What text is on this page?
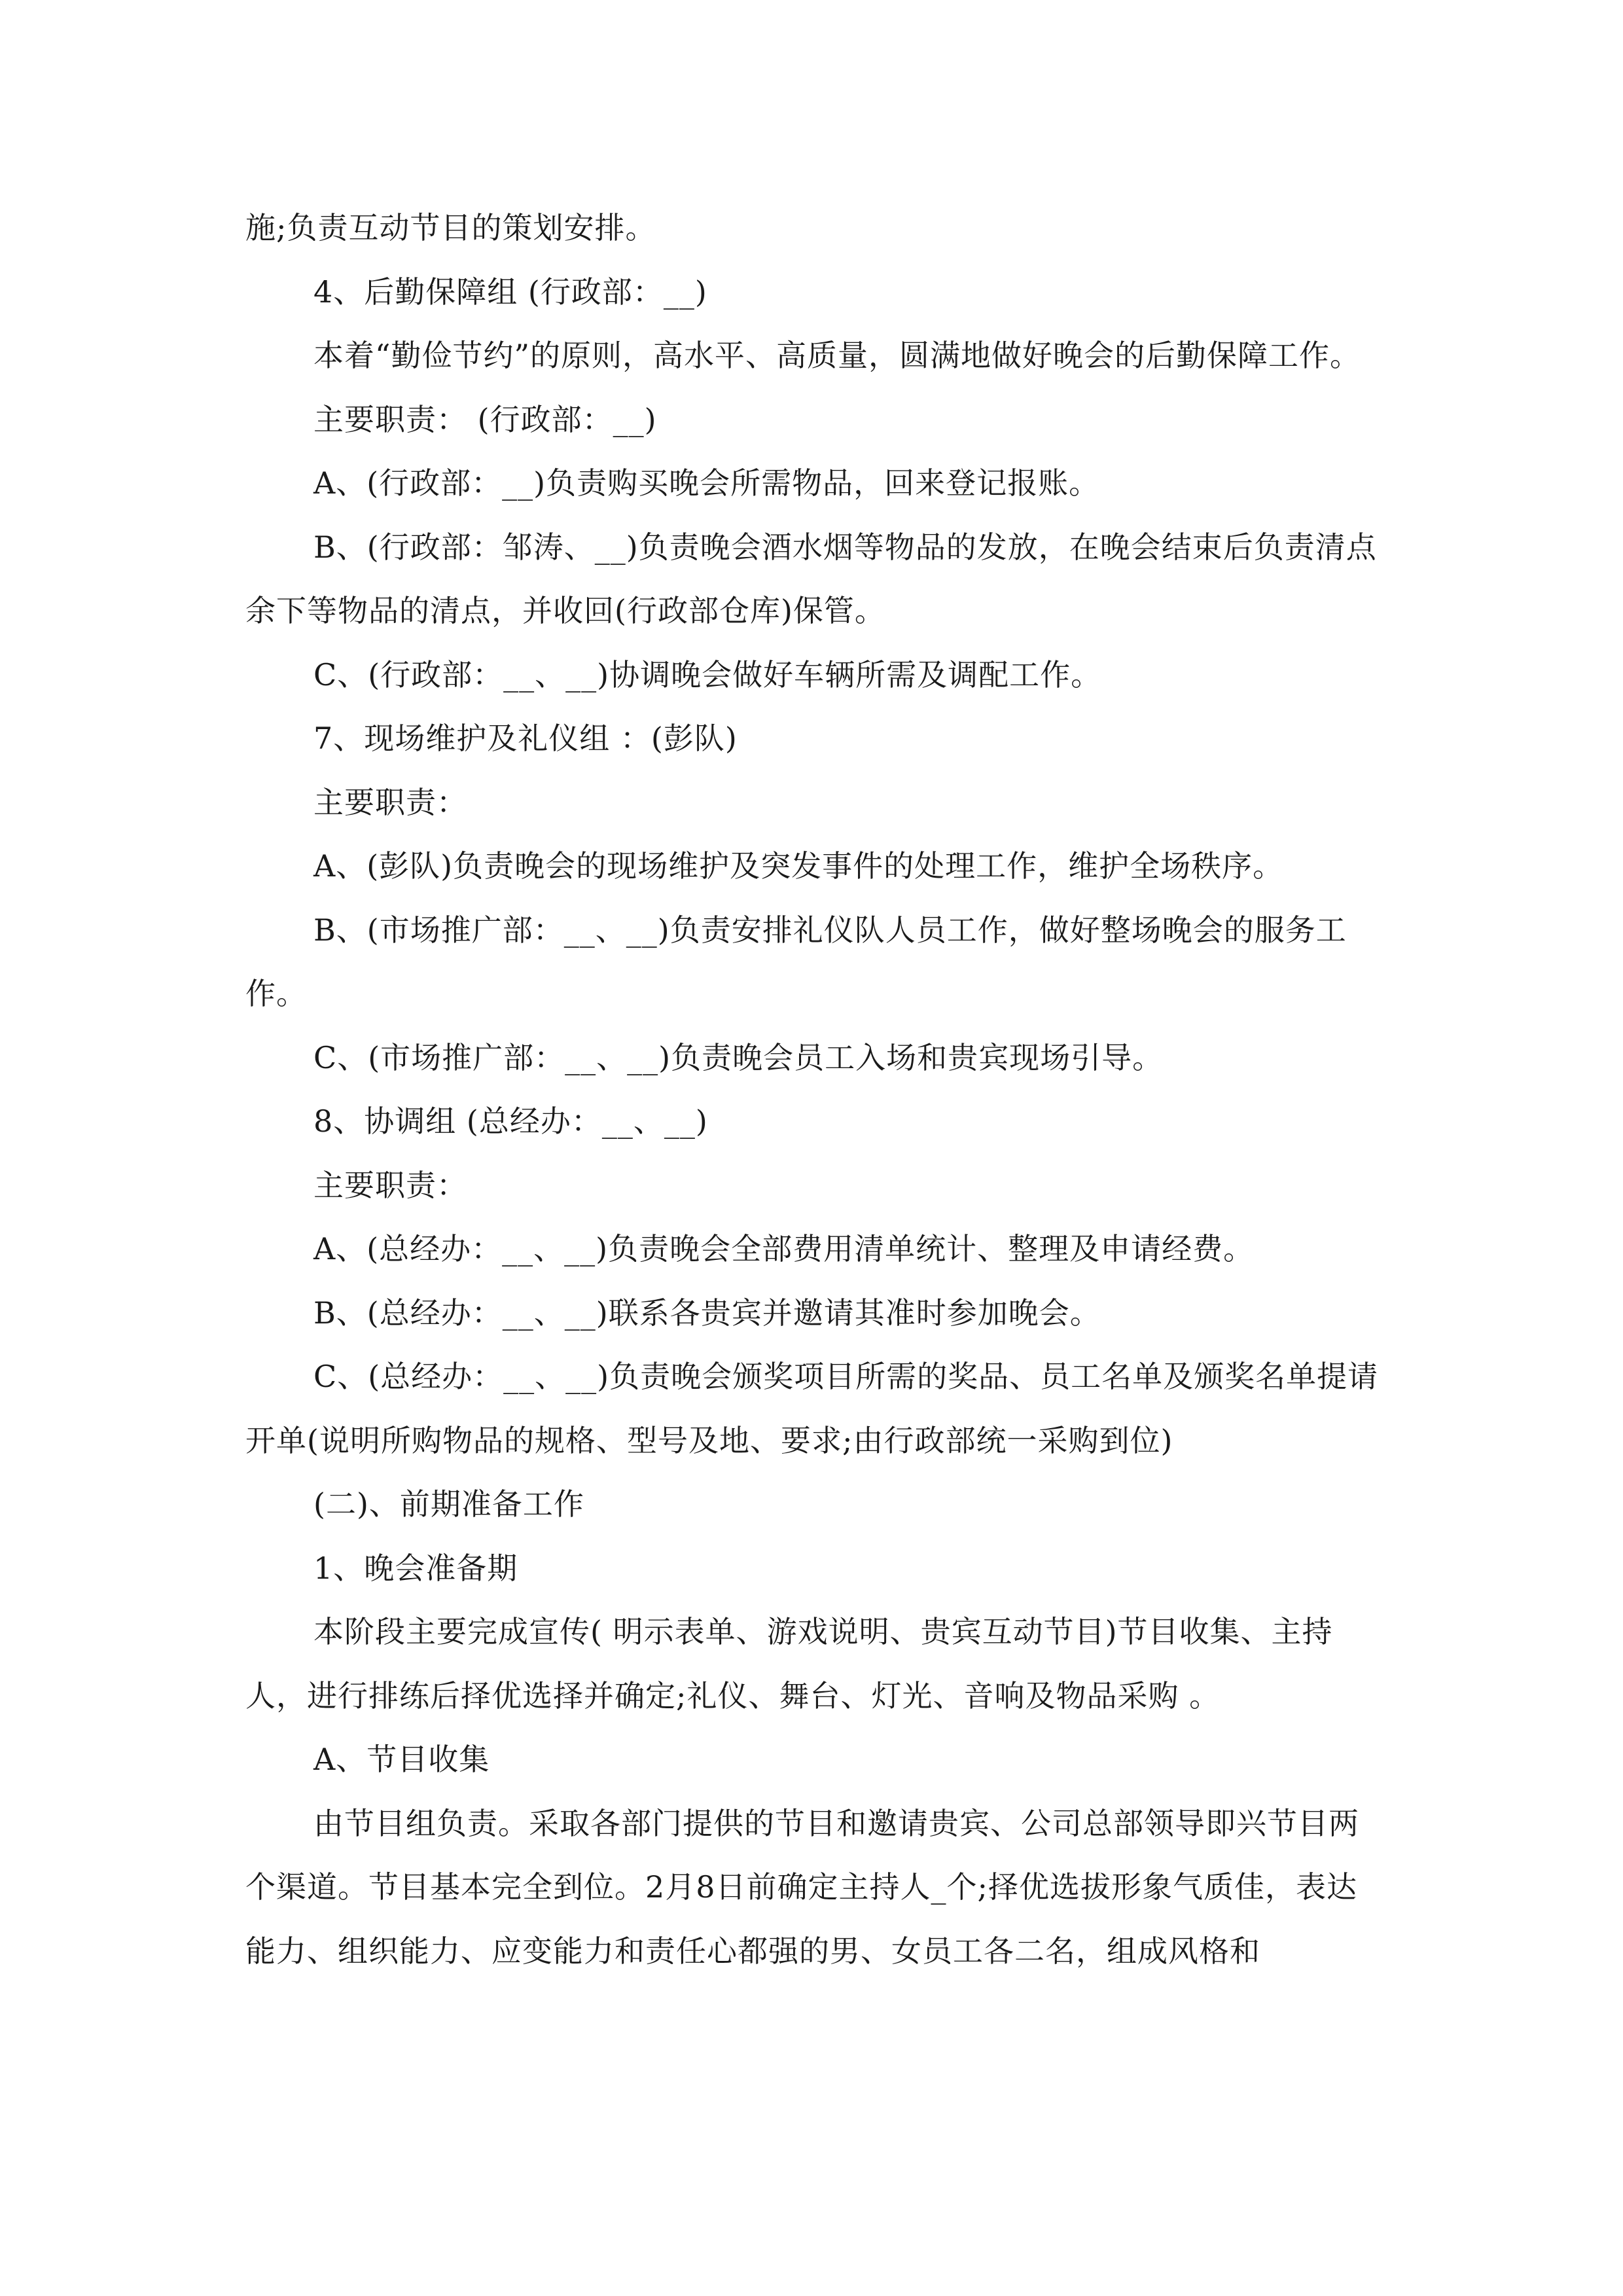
施;负责互动节目的策划安排。

4、后勤保障组 (行政部：__)

本着“勤俭节约”的原则，高水平、高质量，圆满地做好晚会的后勤保障工作。

主要职责： (行政部：__)

A、(行政部：__)负责购买晚会所需物品，回来登记报账。

B、(行政部：邹涛、__)负责晚会酒水烟等物品的发放，在晚会结束后负责清点余下等物品的清点，并收回(行政部仓库)保管。

C、(行政部：__、__)协调晚会做好车辆所需及调配工作。

7、现场维护及礼仪组 ：(彭队)

主要职责：

A、(彭队)负责晚会的现场维护及突发事件的处理工作，维护全场秩序。

B、(市场推广部：__、__)负责安排礼仪队人员工作，做好整场晚会的服务工作。

C、(市场推广部：__、__)负责晚会员工入场和贵宾现场引导。

8、协调组 (总经办：__、__)

主要职责：

A、(总经办：__、__)负责晚会全部费用清单统计、整理及申请经费。

B、(总经办：__、__)联系各贵宾并邀请其准时参加晚会。

C、(总经办：__、__)负责晚会颁奖项目所需的奖品、员工名单及颁奖名单提请开单(说明所购物品的规格、型号及地、要求;由行政部统一采购到位)

(二)、前期准备工作

1、晚会准备期

本阶段主要完成宣传( 明示表单、游戏说明、贵宾互动节目)节目收集、主持人，进行排练后择优选择并确定;礼仪、舞台、灯光、音响及物品采购 。

A、节目收集

由节目组负责。采取各部门提供的节目和邀请贵宾、公司总部领导即兴节目两个渠道。节目基本完全到位。2月8日前确定主持人_个;择优选拔形象气质佳，表达能力、组织能力、应变能力和责任心都强的男、女员工各二名，组成风格和
